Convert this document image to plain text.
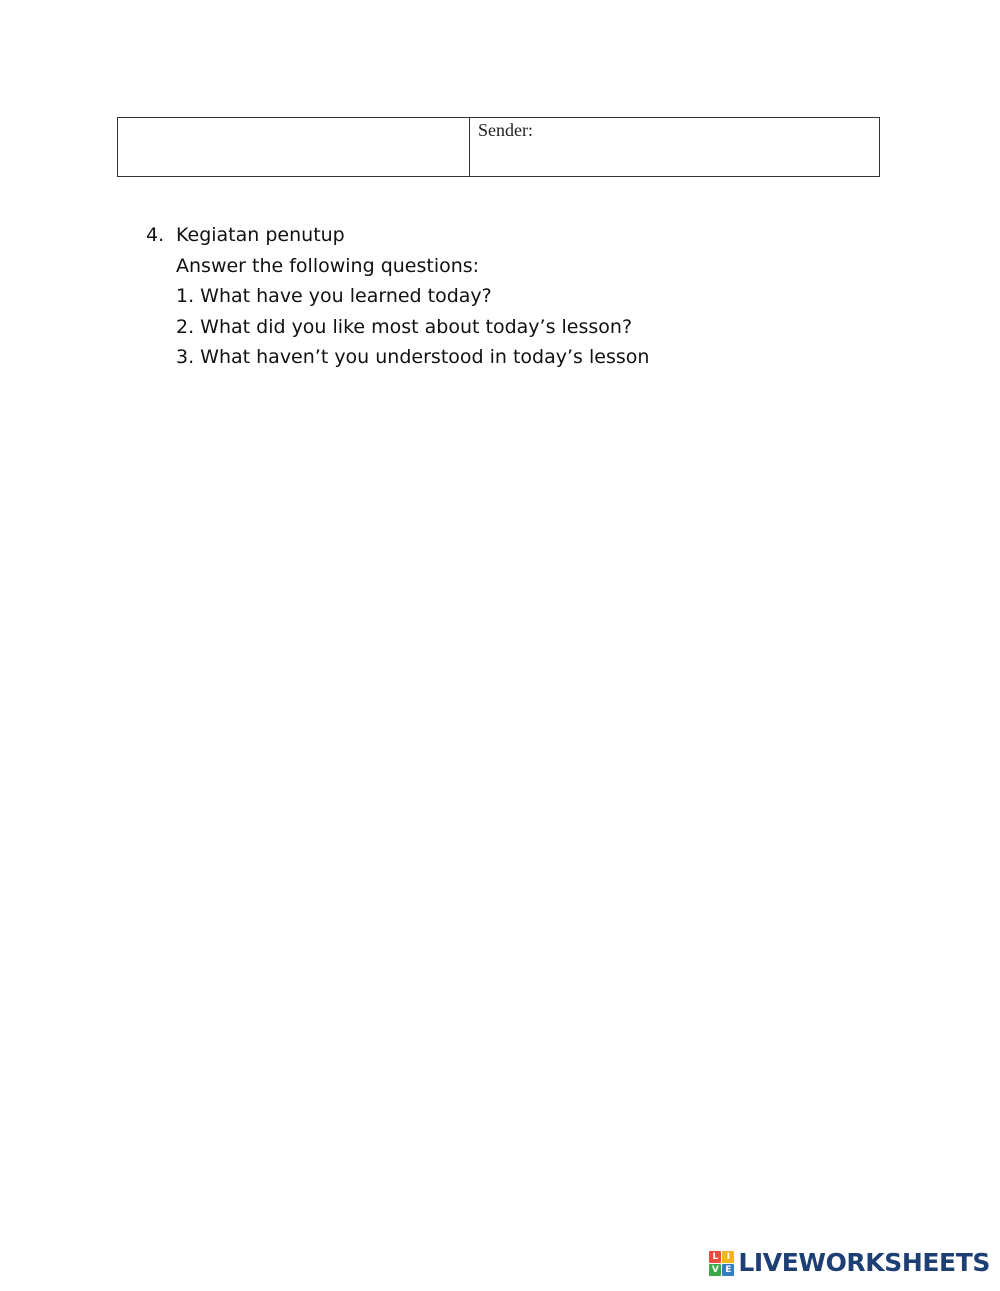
Sender:
4. Kegiatan penutup
Answer the following questions:
1. What have you learned today?
2. What did you like most about today’s lesson?
3. What haven’t you understood in today’s lesson
L I
V E LIVEWORKSHEETS
